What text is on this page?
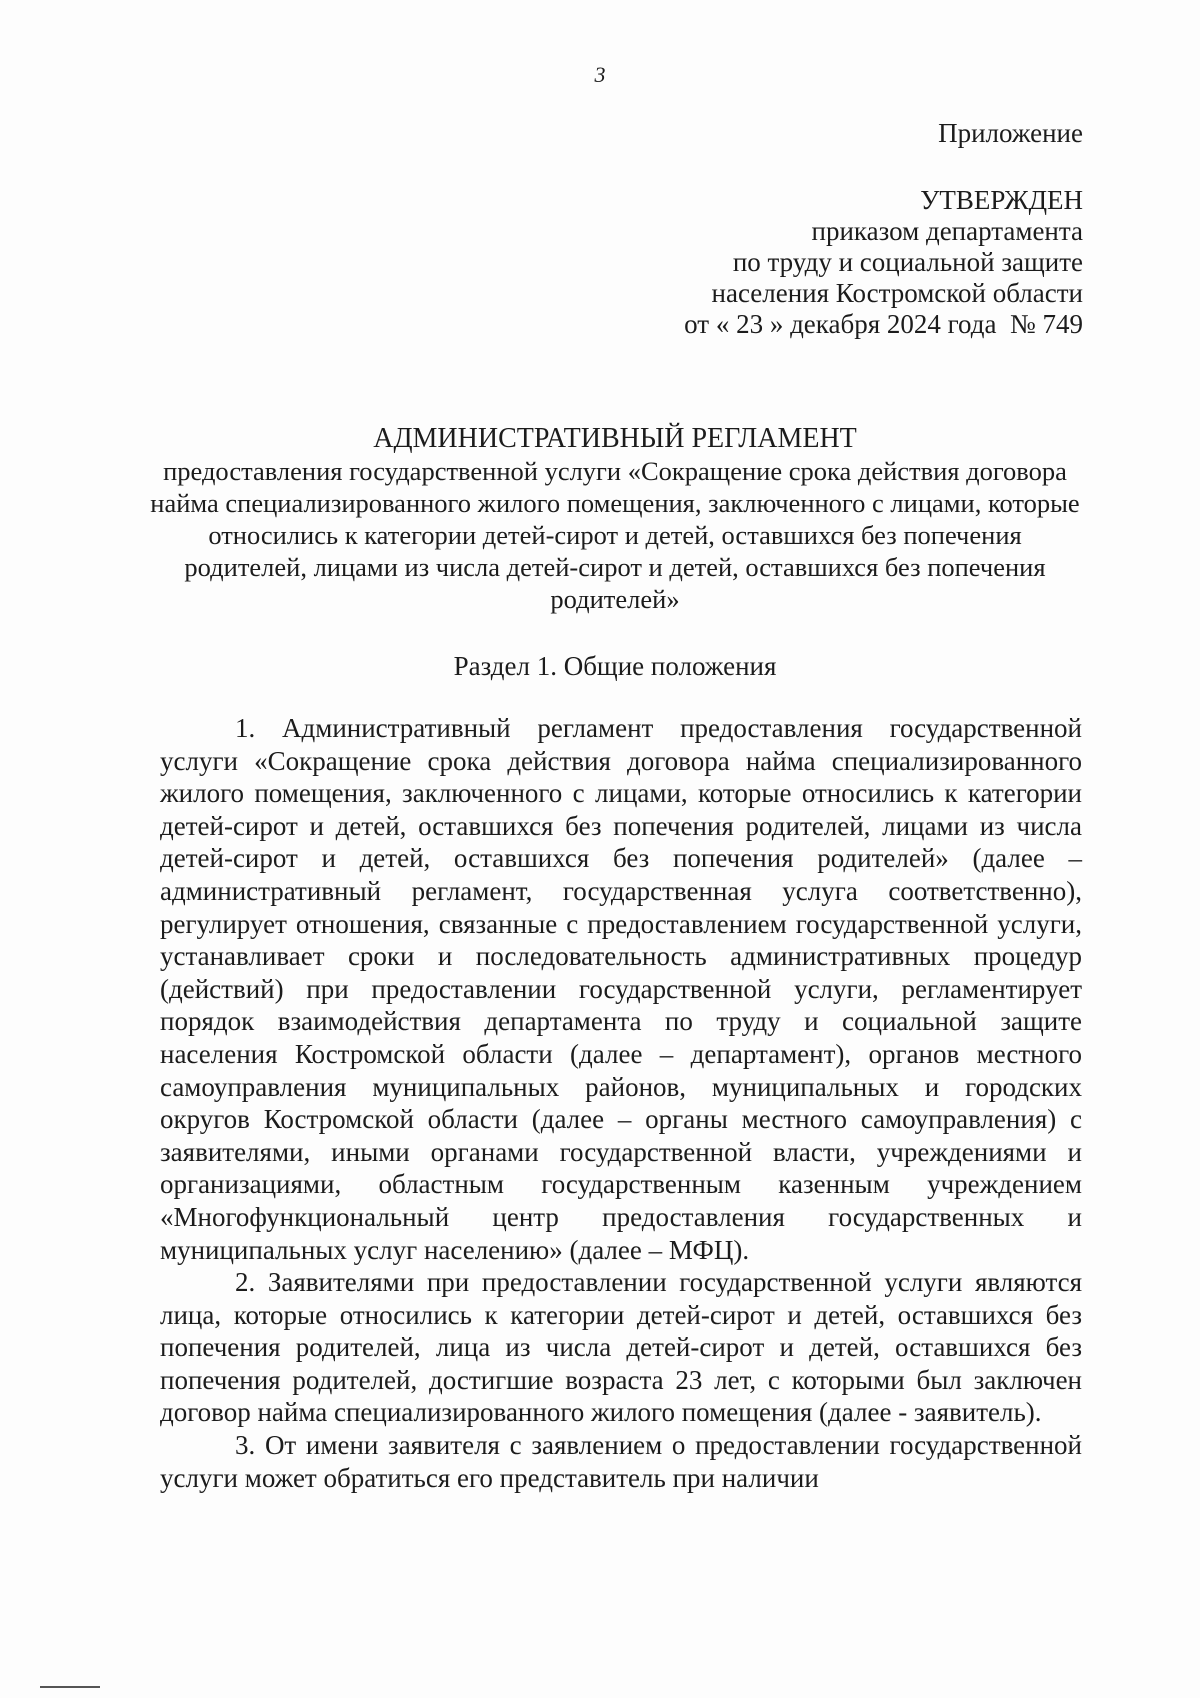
3
Приложение
УТВЕРЖДЕН
приказом департамента
по труду и социальной защите
населения Костромской области
от « 23 » декабря 2024 года  № 749
АДМИНИСТРАТИВНЫЙ РЕГЛАМЕНТ
предоставления государственной услуги «Сокращение срока действия договора найма специализированного жилого помещения, заключенного с лицами, которые относились к категории детей-сирот и детей, оставшихся без попечения родителей, лицами из числа детей-сирот и детей, оставшихся без попечения родителей»
Раздел 1. Общие положения

1. Административный регламент предоставления государственной услуги «Сокращение срока действия договора найма специализированного жилого помещения, заключенного с лицами, которые относились к категории детей-сирот и детей, оставшихся без попечения родителей, лицами из числа детей-сирот и детей, оставшихся без попечения родителей» (далее – административный регламент, государственная услуга соответственно), регулирует отношения, связанные с предоставлением государственной услуги, устанавливает сроки и последовательность административных процедур (действий) при предоставлении государственной услуги, регламентирует порядок взаимодействия департамента по труду и социальной защите населения Костромской области (далее – департамент), органов местного самоуправления муниципальных районов, муниципальных и городских округов Костромской области (далее – органы местного самоуправления) с заявителями, иными органами государственной власти, учреждениями и организациями, областным государственным казенным учреждением «Многофункциональный центр предоставления государственных и муниципальных услуг населению» (далее – МФЦ).

2. Заявителями при предоставлении государственной услуги являются лица, которые относились к категории детей-сирот и детей, оставшихся без попечения родителей, лица из числа детей-сирот и детей, оставшихся без попечения родителей, достигшие возраста 23 лет, с которыми был заключен договор найма специализированного жилого помещения (далее - заявитель).

3. От имени заявителя с заявлением о предоставлении государственной услуги может обратиться его представитель при наличии
